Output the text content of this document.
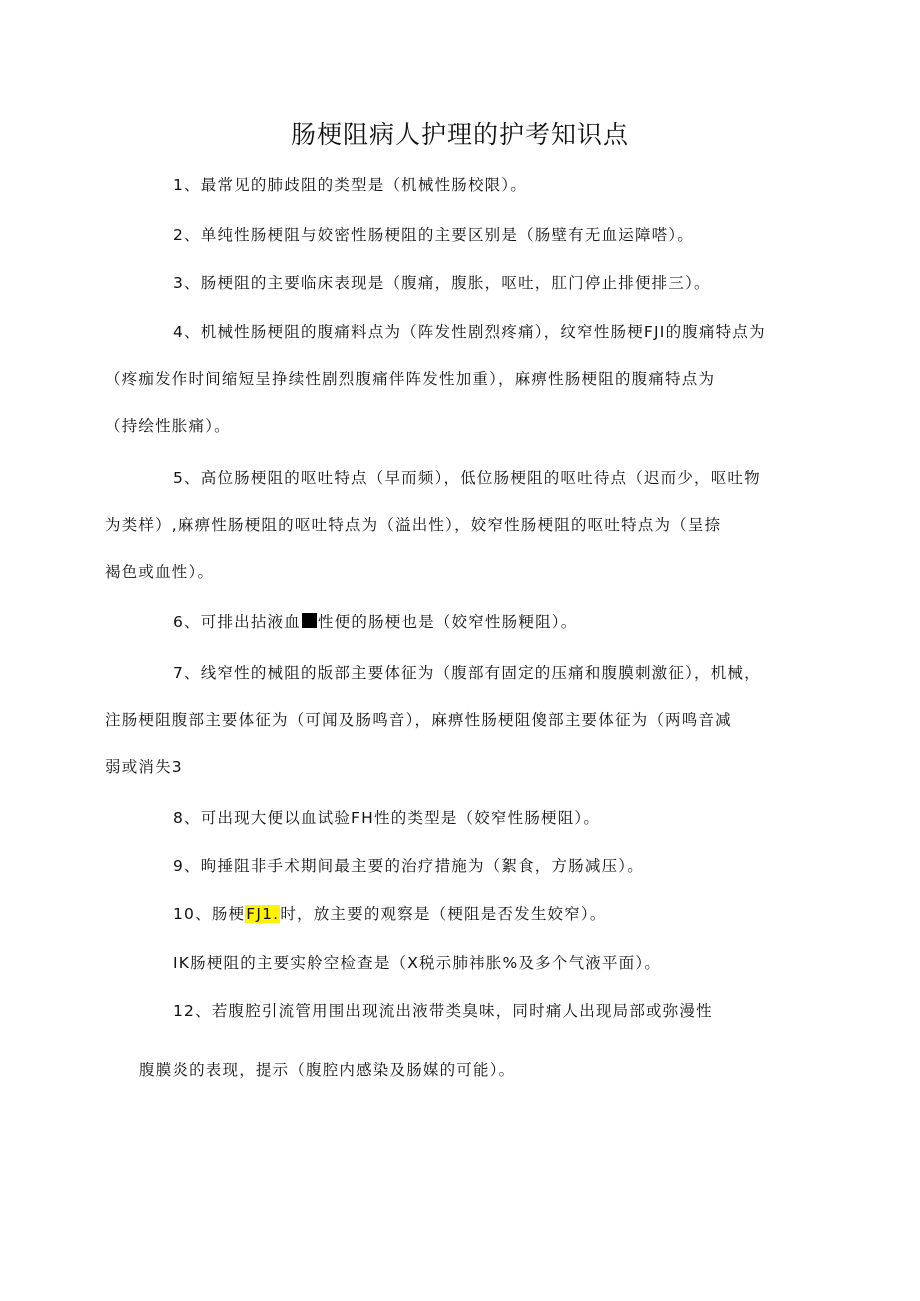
肠梗阻病人护理的护考知识点

1、最常见的肺歧阻的类型是（机械性肠校限）。

2、单纯性肠梗阻与姣密性肠梗阻的主要区别是（肠壁有无血运障嗒）。

3、肠梗阻的主要临床表现是（腹痛，腹胀，呕吐，肛门停止排便排三）。

4、机械性肠梗阻的腹痛料点为（阵发性剧烈疼痛），纹窄性肠梗FJI的腹痛特点为
（疼痂发作时间缩短呈挣续性剧烈腹痛伴阵发性加重），麻痹性肠梗阻的腹痛特点为
（持绘性胀痛）。

5、高位肠梗阻的呕吐特点（早而频），低位肠梗阻的呕吐待点（迟而少，呕吐物
为类样）,麻痹性肠梗阻的呕吐特点为（溢出性），姣窄性肠梗阻的呕吐特点为（呈捺
褐色或血性）。

6、可排出拈液血 性便的肠梗也是（姣窄性肠粳阻）。

7、线窄性的械阻的版部主要体征为（腹部有固定的压痛和腹膜刺激征），机械，
注肠梗阻腹部主要体征为（可闻及肠鸣音），麻痹性肠梗阻傻部主要体征为（两鸣音减
弱或消失3

8、可出现大便以血试验FH性的类型是（姣窄性肠梗阻）。

9、昫捶阻非手术期间最主要的治疗措施为（絮食，方肠减压）。

10、肠梗FJ1.时，放主要的观察是（梗阻是否发生姣窄）。

IK肠梗阻的主要实舲空检查是（X税示肺祎胀%及多个气液平面）。

12、若腹腔引流管用围出现流出液带类臭味，同时痛人出现局部或弥漫性

腹膜炎的表现，提示（腹腔内感染及肠媒的可能）。
